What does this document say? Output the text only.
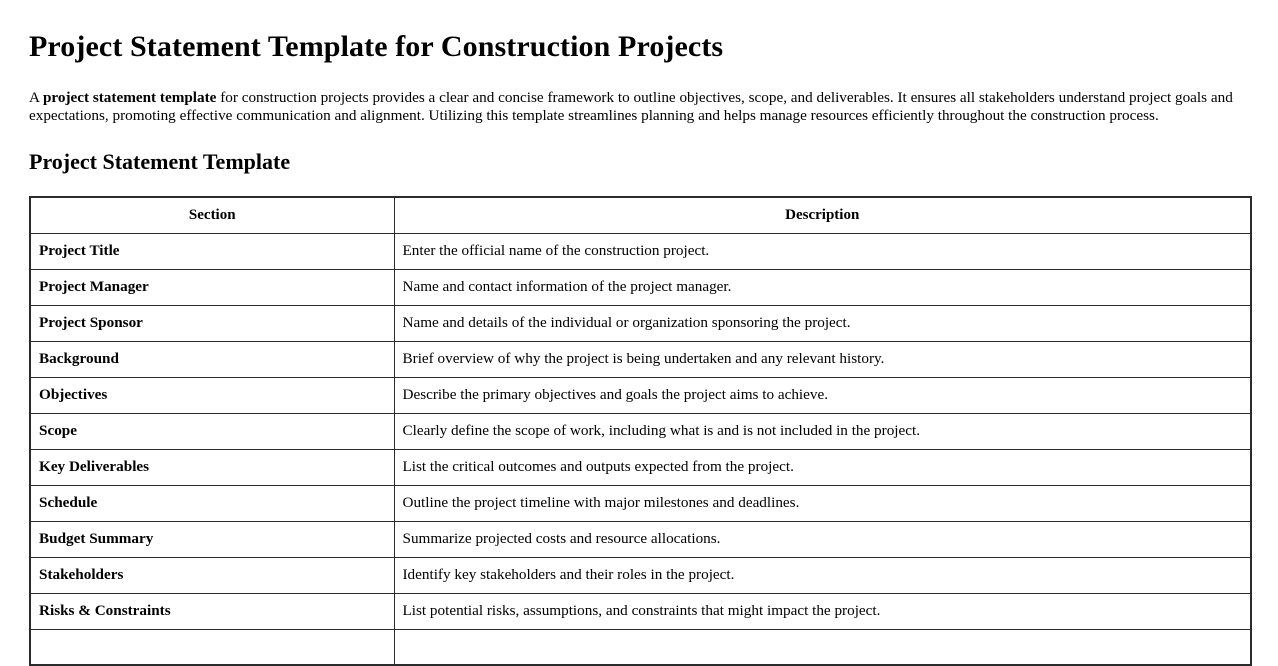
Project Statement Template for Construction Projects

A project statement template for construction projects provides a clear and concise framework to outline objectives, scope, and deliverables. It ensures all stakeholders understand project goals and expectations, promoting effective communication and alignment. Utilizing this template streamlines planning and helps manage resources efficiently throughout the construction process.

Project Statement Template
Section	Description
Project Title	Enter the official name of the construction project.
Project Manager	Name and contact information of the project manager.
Project Sponsor	Name and details of the individual or organization sponsoring the project.
Background	Brief overview of why the project is being undertaken and any relevant history.
Objectives	Describe the primary objectives and goals the project aims to achieve.
Scope	Clearly define the scope of work, including what is and is not included in the project.
Key Deliverables	List the critical outcomes and outputs expected from the project.
Schedule	Outline the project timeline with major milestones and deadlines.
Budget Summary	Summarize projected costs and resource allocations.
Stakeholders	Identify key stakeholders and their roles in the project.
Risks & Constraints	List potential risks, assumptions, and constraints that might impact the project.
